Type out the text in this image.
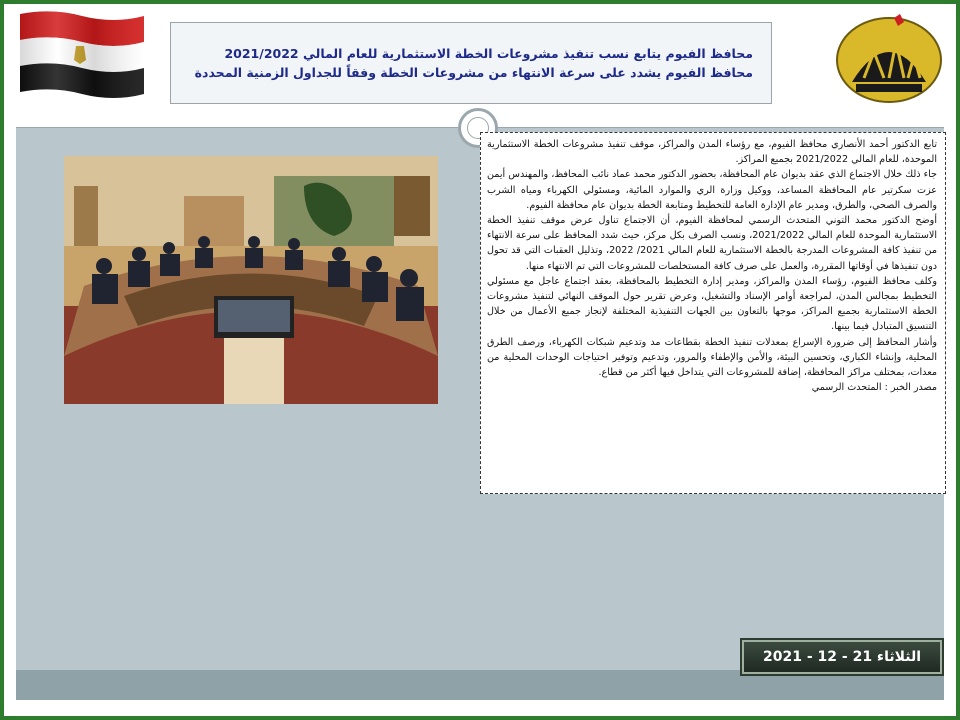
محافظ الفيوم يتابع نسب تنفيذ مشروعات الخطة الاستثمارية للعام المالي 2021/2022
محافظ الفيوم يشدد على سرعة الانتهاء من مشروعات الخطة وفقاً للجداول الزمنية المحددة

تابع الدكتور أحمد الأنصاري محافظ الفيوم، مع رؤساء المدن والمراكز، موقف تنفيذ مشروعات الخطة الاستثمارية الموحدة، للعام المالي 2021/2022 بجميع المراكز.

جاء ذلك خلال الاجتماع الذي عقد بديوان عام المحافظة، بحضور الدكتور محمد عماد نائب المحافظ، والمهندس أيمن عزت سكرتير عام المحافظة المساعد، ووكيل وزارة الري والموارد المائية، ومسئولي الكهرباء ومياه الشرب والصرف الصحي، والطرق، ومدير عام الإدارة العامة للتخطيط ومتابعة الخطة بديوان عام محافظة الفيوم.

أوضح الدكتور محمد التوني المتحدث الرسمي لمحافظة الفيوم، أن الاجتماع تناول عرض موقف تنفيذ الخطة الاستثمارية الموحدة للعام المالي 2021/2022، ونسب الصرف بكل مركز، حيث شدد المحافظ على سرعة الانتهاء من تنفيذ كافة المشروعات المدرجة بالخطة الاستثمارية للعام المالي 2021/ 2022، وتذليل العقبات التي قد تحول دون تنفيذها في أوقاتها المقررة، والعمل على صرف كافة المستخلصات للمشروعات التي تم الانتهاء منها.

وكلف محافظ الفيوم، رؤساء المدن والمراكز، ومدير إدارة التخطيط بالمحافظة، بعقد اجتماع عاجل مع مسئولي التخطيط بمجالس المدن، لمراجعة أوامر الإسناد والتشغيل، وعرض تقرير حول الموقف النهائي لتنفيذ مشروعات الخطة الاستثمارية بجميع المراكز، موجها بالتعاون بين الجهات التنفيذية المختلفة لإنجاز جميع الأعمال من خلال التنسيق المتبادل فيما بينها.

وأشار المحافظ إلى ضرورة الإسراع بمعدلات تنفيذ الخطة بقطاعات مد وتدعيم شبكات الكهرباء، ورصف الطرق المحلية، وإنشاء الكباري، وتحسين البيئة، والأمن والإطفاء والمرور، وتدعيم وتوفير احتياجات الوحدات المحلية من معدات، بمختلف مراكز المحافظة، إضافة للمشروعات التي يتداخل فيها أكثر من قطاع.

مصدر الخبر : المتحدث الرسمي

الثلاثاء 21 - 12 - 2021
